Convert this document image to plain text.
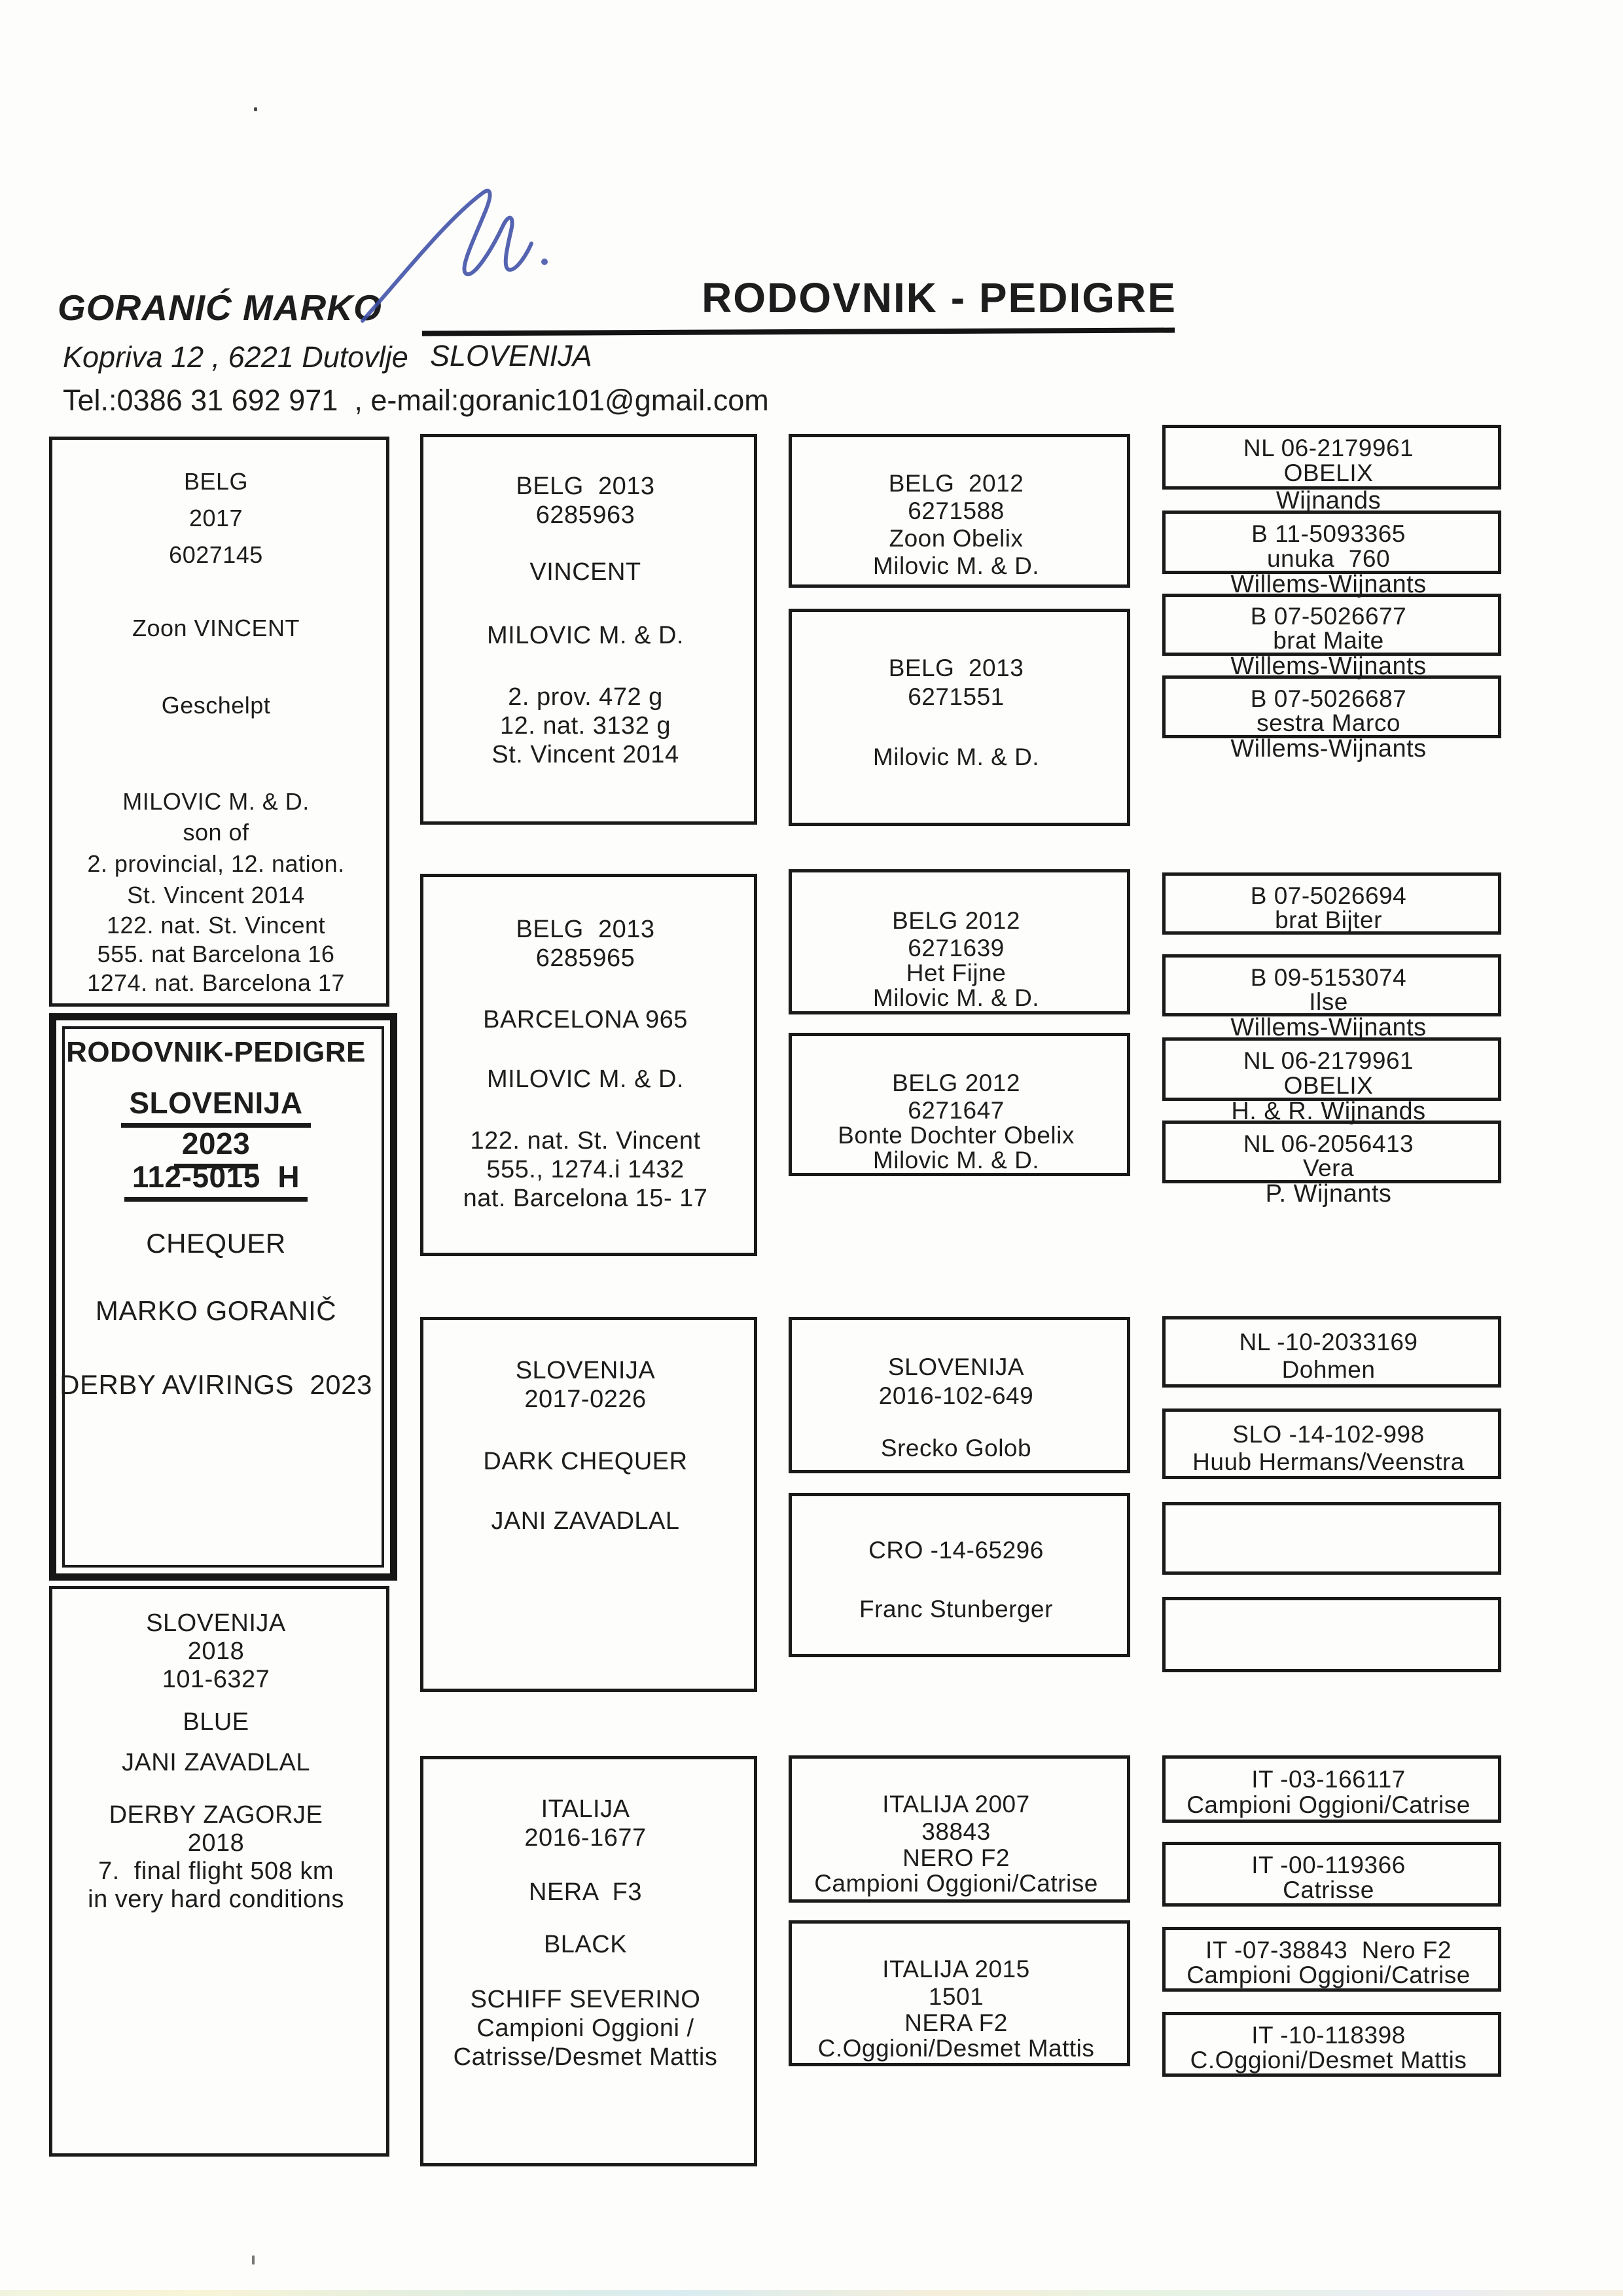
GORANIĆ MARKO	RODOVNIK - PEDIGRE
Kopriva 12 , 6221 Dutovlje SLOVENIJA
Tel.:0386 31 692 971  , e-mail:goranic101@gmail.com
BELG
2017
6027145
Zoon VINCENT
Geschelpt
MILOVIC M. & D.
son of
2. provincial, 12. nation.
St. Vincent 2014
122. nat. St. Vincent
555. nat Barcelona 16
1274. nat. Barcelona 17
RODOVNIK-PEDIGRE
SLOVENIJA
2023
112-5015  H
CHEQUER
MARKO GORANIČ
DERBY AVIRINGS  2023
SLOVENIJA
2018
101-6327
BLUE
JANI ZAVADLAL
DERBY ZAGORJE
2018
7.  final flight 508 km
in very hard conditions
BELG  2013
6285963
VINCENT
MILOVIC M. & D.
2. prov. 472 g
12. nat. 3132 g
St. Vincent 2014
BELG  2013
6285965
BARCELONA 965
MILOVIC M. & D.
122. nat. St. Vincent
555., 1274.i 1432
nat. Barcelona 15- 17
SLOVENIJA
2017-0226
DARK CHEQUER
JANI ZAVADLAL
ITALIJA
2016-1677
NERA  F3
BLACK
SCHIFF SEVERINO
Campioni Oggioni /
Catrisse/Desmet Mattis
BELG  2012
6271588
Zoon Obelix
Milovic M. & D.
BELG  2013
6271551
Milovic M. & D.
BELG 2012
6271639
Het Fijne
Milovic M. & D.
BELG 2012
6271647
Bonte Dochter Obelix
Milovic M. & D.
SLOVENIJA
2016-102-649
Srecko Golob
CRO -14-65296
Franc Stunberger
ITALIJA 2007
38843
NERO F2
Campioni Oggioni/Catrise
ITALIJA 2015
1501
NERA F2
C.Oggioni/Desmet Mattis
NL 06-2179961
OBELIX
Wijnands
B 11-5093365
unuka  760
Willems-Wijnants
B 07-5026677
brat Maite
Willems-Wijnants
B 07-5026687
sestra Marco
Willems-Wijnants
B 07-5026694
brat Bijter
B 09-5153074
Ilse
Willems-Wijnants
NL 06-2179961
OBELIX
H. & R. Wijnands
NL 06-2056413
Vera
P. Wijnants
NL -10-2033169
Dohmen
SLO -14-102-998
Huub Hermans/Veenstra
IT -03-166117
Campioni Oggioni/Catrise
IT -00-119366
Catrisse
IT -07-38843  Nero F2
Campioni Oggioni/Catrise
IT -10-118398
C.Oggioni/Desmet Mattis
